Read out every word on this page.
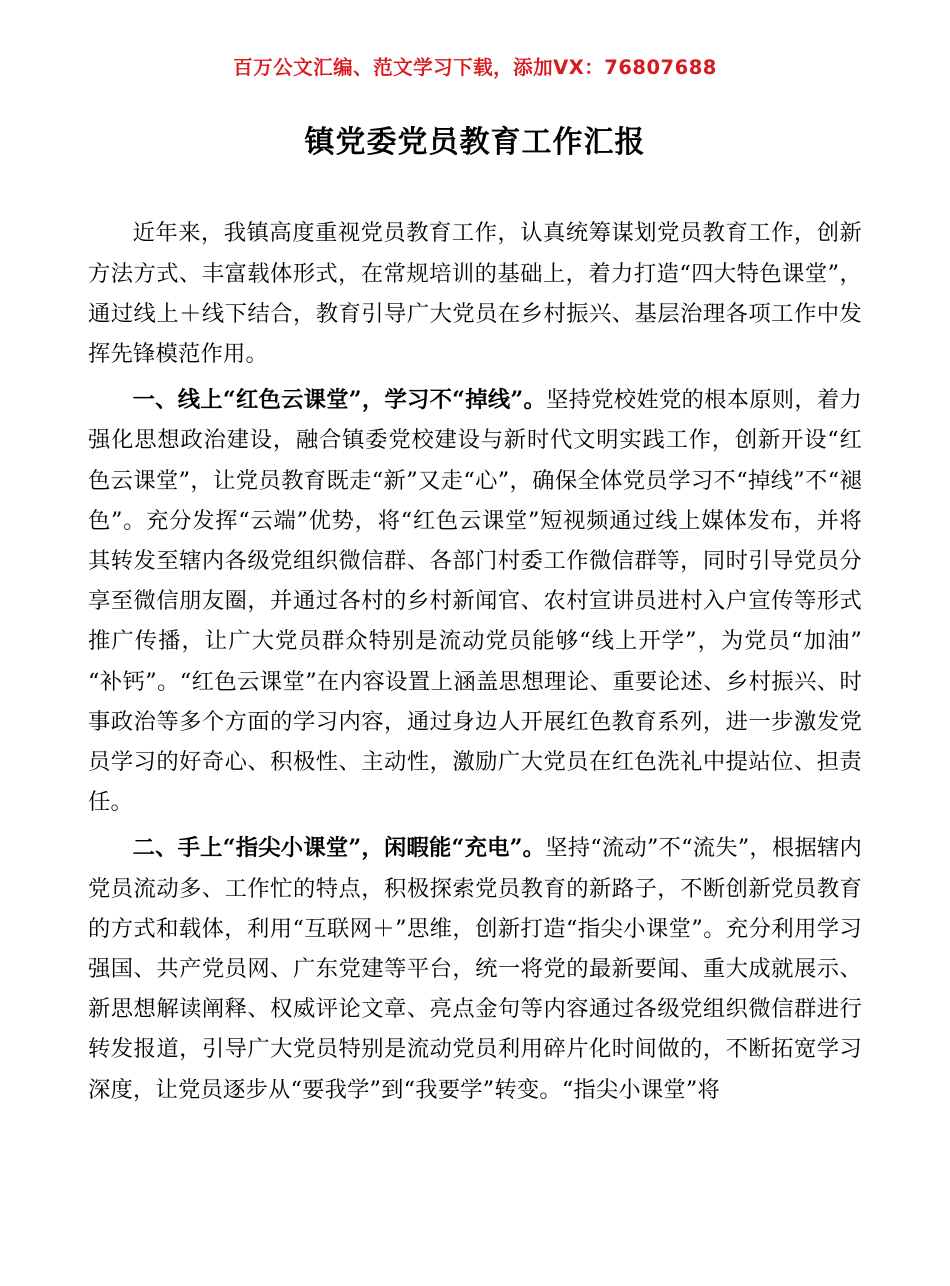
百万公文汇编、范文学习下载，添加VX：76807688
镇党委党员教育工作汇报

近年来，我镇高度重视党员教育工作，认真统筹谋划党员教育工作，创新方法方式、丰富载体形式，在常规培训的基础上，着力打造“四大特色课堂”，通过线上＋线下结合，教育引导广大党员在乡村振兴、基层治理各项工作中发挥先锋模范作用。

一、线上“红色云课堂”，学习不“掉线”。坚持党校姓党的根本原则，着力强化思想政治建设，融合镇委党校建设与新时代文明实践工作，创新开设“红色云课堂”，让党员教育既走“新”又走“心”，确保全体党员学习不“掉线”不“褪色”。充分发挥“云端”优势，将“红色云课堂”短视频通过线上媒体发布，并将其转发至辖内各级党组织微信群、各部门村委工作微信群等，同时引导党员分享至微信朋友圈，并通过各村的乡村新闻官、农村宣讲员进村入户宣传等形式推广传播，让广大党员群众特别是流动党员能够“线上开学”，为党员“加油”“补钙”。“红色云课堂”在内容设置上涵盖思想理论、重要论述、乡村振兴、时事政治等多个方面的学习内容，通过身边人开展红色教育系列，进一步激发党员学习的好奇心、积极性、主动性，激励广大党员在红色洗礼中提站位、担责任。

二、手上“指尖小课堂”，闲暇能“充电”。坚持“流动”不“流失”，根据辖内党员流动多、工作忙的特点，积极探索党员教育的新路子，不断创新党员教育的方式和载体，利用“互联网＋”思维，创新打造“指尖小课堂”。充分利用学习强国、共产党员网、广东党建等平台，统一将党的最新要闻、重大成就展示、新思想解读阐释、权威评论文章、亮点金句等内容通过各级党组织微信群进行转发报道，引导广大党员特别是流动党员利用碎片化时间做的，不断拓宽学习深度，让党员逐步从“要我学”到“我要学”转变。“指尖小课堂”将
